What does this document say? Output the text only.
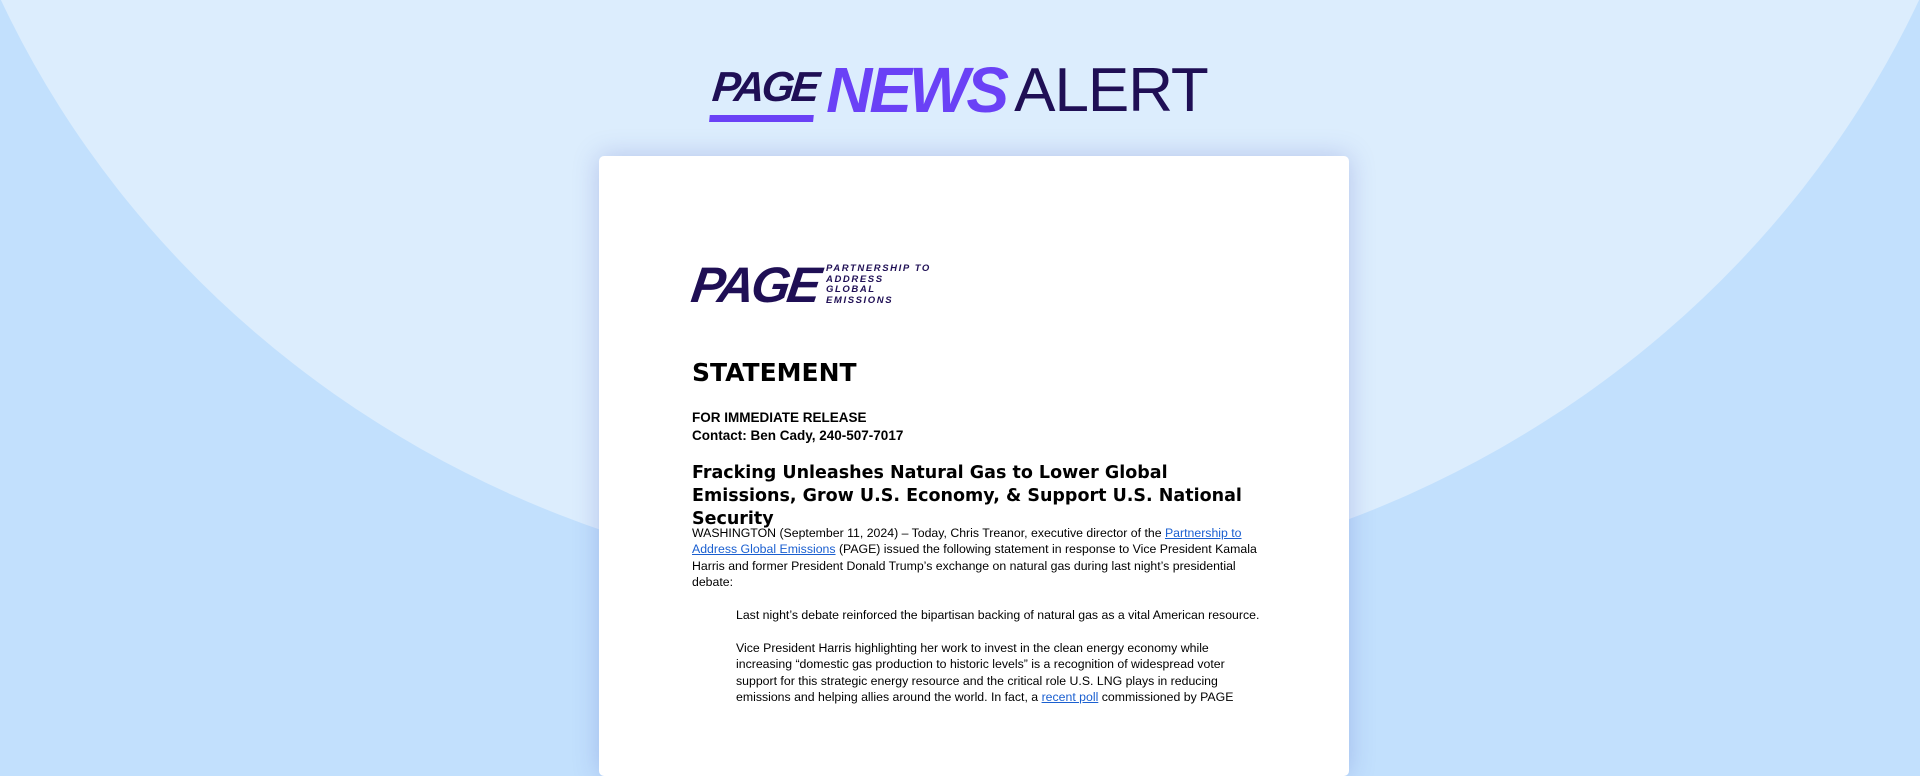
PAGE NEWS ALERT
PAGE PARTNERSHIP TO
ADDRESS
GLOBAL
EMISSIONS
STATEMENT
FOR IMMEDIATE RELEASE
Contact: Ben Cady, 240-507-7017
Fracking Unleashes Natural Gas to Lower Global Emissions, Grow U.S. Economy, & Support U.S. National Security
WASHINGTON (September 11, 2024) – Today, Chris Treanor, executive director of the Partnership to Address Global Emissions (PAGE) issued the following statement in response to Vice President Kamala Harris and former President Donald Trump’s exchange on natural gas during last night’s presidential debate:
Last night’s debate reinforced the bipartisan backing of natural gas as a vital American resource.
Vice President Harris highlighting her work to invest in the clean energy economy while increasing “domestic gas production to historic levels” is a recognition of widespread voter support for this strategic energy resource and the critical role U.S. LNG plays in reducing emissions and helping allies around the world. In fact, a recent poll commissioned by PAGE
